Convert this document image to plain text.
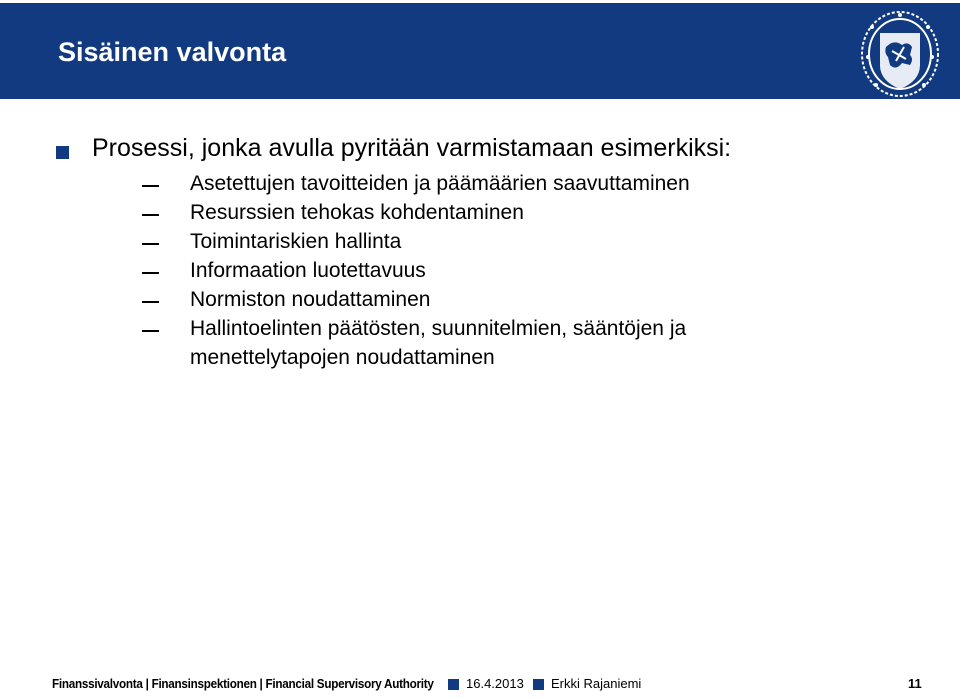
Sisäinen valvonta
Prosessi, jonka avulla pyritään varmistamaan esimerkiksi:
Asetettujen tavoitteiden ja päämäärien saavuttaminen
Resurssien tehokas kohdentaminen
Toimintariskien hallinta
Informaation luotettavuus
Normiston noudattaminen
Hallintoelinten päätösten, suunnitelmien, sääntöjen ja
menettelytapojen noudattaminen
Finanssivalvonta | Finansinspektionen | Financial Supervisory Authority	16.4.2013 Erkki Rajaniemi	11
